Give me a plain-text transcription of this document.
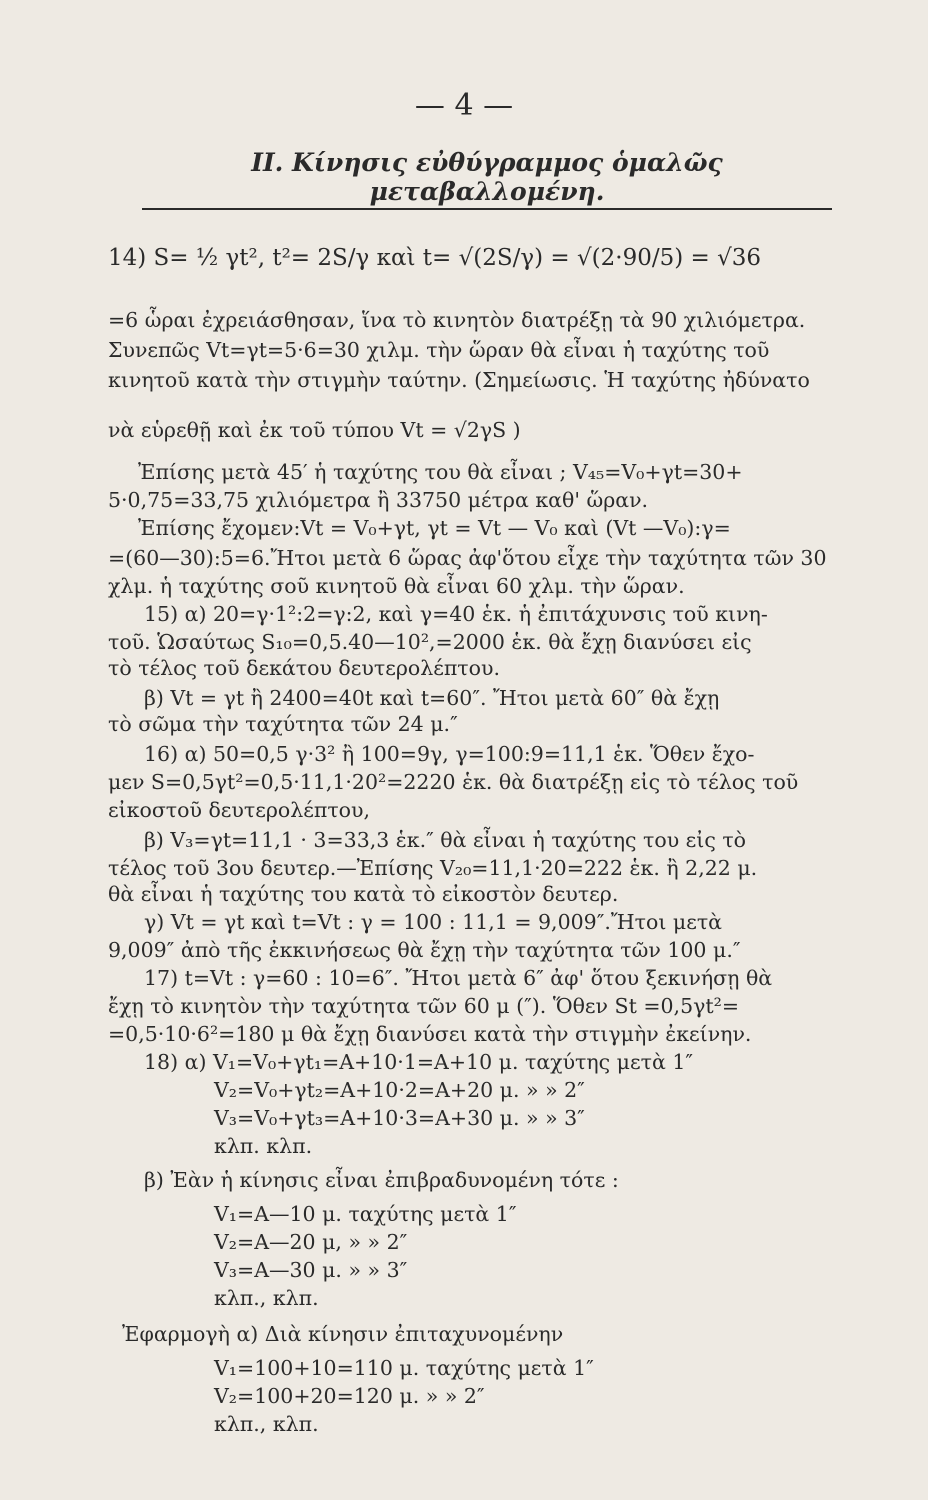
— 4 —
ΙΙ. Κίνησις εὐθύγραμμος ὁμαλῶς μεταβαλλομένη.
14) S= ½ γt², t²= 2S/γ καὶ t= √(2S/γ) = √(2·90/5) = √36
=6 ὧραι ἐχρειάσθησαν, ἵνα τὸ κινητὸν διατρέξῃ τὰ 90 χιλιόμετρα.
Συνεπῶς Vt=γt=5·6=30 χιλμ. τὴν ὥραν θὰ εἶναι ἡ ταχύτης τοῦ
κινητοῦ κατὰ τὴν στιγμὴν ταύτην. (Σημείωσις. Ἡ ταχύτης ἠδύνατο
νὰ εὑρεθῇ καὶ ἐκ τοῦ τύπου Vt = √2γS )
Ἐπίσης μετὰ 45′ ἡ ταχύτης του θὰ εἶναι ; V₄₅=V₀+γt=30+
5·0,75=33,75 χιλιόμετρα ἢ 33750 μέτρα καθ' ὥραν.
Ἐπίσης ἔχομεν:Vt = V₀+γt, γt = Vt — V₀ καὶ (Vt —V₀):γ=
=(60—30):5=6.Ἤτοι μετὰ 6 ὥρας ἀφ'ὅτου εἶχε τὴν ταχύτητα τῶν 30
χλμ. ἡ ταχύτης σοῦ κινητοῦ θὰ εἶναι 60 χλμ. τὴν ὥραν.
15) α) 20=γ·1²:2=γ:2, καὶ γ=40 ἑκ. ἡ ἐπιτάχυνσις τοῦ κινη-
τοῦ. Ὡσαύτως S₁₀=0,5.40—10²,=2000 ἑκ. θὰ ἔχῃ διανύσει εἰς
τὸ τέλος τοῦ δεκάτου δευτερολέπτου.
β) Vt = γt ἢ 2400=40t καὶ t=60″. Ἤτοι μετὰ 60″ θὰ ἔχῃ
τὸ σῶμα τὴν ταχύτητα τῶν 24 μ.″
16) α) 50=0,5 γ·3² ἢ 100=9γ, γ=100:9=11,1 ἑκ. Ὅθεν ἔχο-
μεν S=0,5γt²=0,5·11,1·20²=2220 ἑκ. θὰ διατρέξῃ εἰς τὸ τέλος τοῦ
εἰκοστοῦ δευτερολέπτου,
β) V₃=γt=11,1 · 3=33,3 ἑκ.″ θὰ εἶναι ἡ ταχύτης του εἰς τὸ
τέλος τοῦ 3ου δευτερ.—Ἐπίσης V₂₀=11,1·20=222 ἑκ. ἢ 2,22 μ.
θὰ εἶναι ἡ ταχύτης του κατὰ τὸ εἰκοστὸν δευτερ.
γ) Vt = γt καὶ t=Vt : γ = 100 : 11,1 = 9,009″.Ἤτοι μετὰ
9,009″ ἀπὸ τῆς ἐκκινήσεως θὰ ἔχῃ τὴν ταχύτητα τῶν 100 μ.″
17) t=Vt : γ=60 : 10=6″. Ἤτοι μετὰ 6″ ἀφ' ὅτου ξεκινήσῃ θὰ
ἔχῃ τὸ κινητὸν τὴν ταχύτητα τῶν 60 μ (″). Ὅθεν St =0,5γt²=
=0,5·10·6²=180 μ θὰ ἔχῃ διανύσει κατὰ τὴν στιγμὴν ἐκείνην.
18) α) V₁=V₀+γt₁=A+10·1=A+10 μ. ταχύτης μετὰ 1″
V₂=V₀+γt₂=A+10·2=A+20 μ. » » 2″
V₃=V₀+γt₃=A+10·3=A+30 μ. » » 3″
κλπ. κλπ.
β) Ἐὰν ἡ κίνησις εἶναι ἐπιβραδυνομένη τότε :
V₁=A—10 μ. ταχύτης μετὰ 1″
V₂=A—20 μ, » » 2″
V₃=A—30 μ. » » 3″
κλπ., κλπ.
Ἐφαρμογὴ α) Διὰ κίνησιν ἐπιταχυνομένην
V₁=100+10=110 μ. ταχύτης μετὰ 1″
V₂=100+20=120 μ. » » 2″
κλπ., κλπ.
